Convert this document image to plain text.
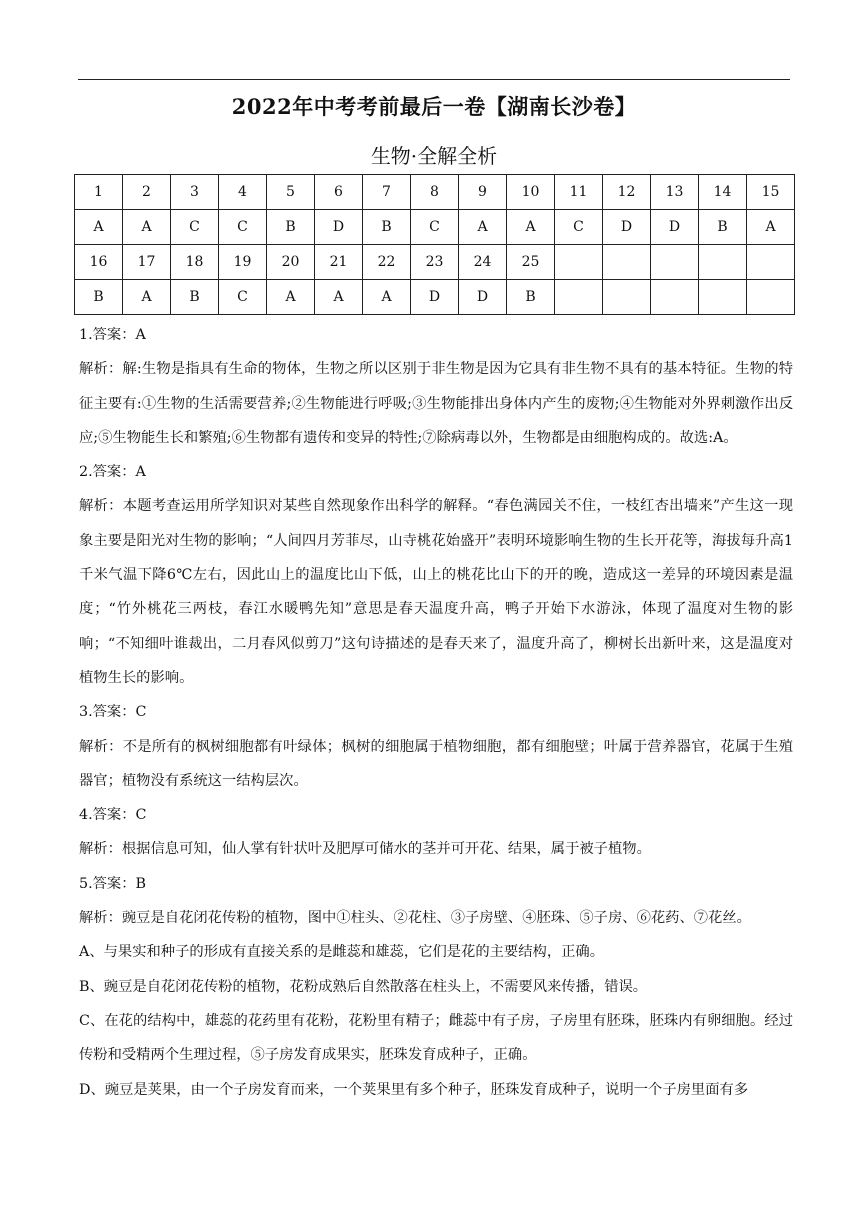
2022年中考考前最后一卷【湖南长沙卷】
生物·全解全析
1	2	3	4	5	6	7	8	9	10	11	12	13	14	15
A	A	C	C	B	D	B	C	A	A	C	D	D	B	A
16	17	18	19	20	21	22	23	24	25					
B	A	B	C	A	A	A	D	D	B					

1.答案：A

解析：解:生物是指具有生命的物体，生物之所以区别于非生物是因为它具有非生物不具有的基本特征。生物的特征主要有:①生物的生活需要营养;②生物能进行呼吸;③生物能排出身体内产生的废物;④生物能对外界刺激作出反应;⑤生物能生长和繁殖;⑥生物都有遗传和变异的特性;⑦除病毒以外，生物都是由细胞构成的。故选:A。

2.答案：A

解析：本题考查运用所学知识对某些自然现象作出科学的解释。“春色满园关不住，一枝红杏出墙来”产生这一现象主要是阳光对生物的影响；“人间四月芳菲尽，山寺桃花始盛开”表明环境影响生物的生长开花等，海拔每升高1千米气温下降6℃左右，因此山上的温度比山下低，山上的桃花比山下的开的晚，造成这一差异的环境因素是温度；“竹外桃花三两枝，春江水暖鸭先知”意思是春天温度升高，鸭子开始下水游泳，体现了温度对生物的影响；“不知细叶谁裁出，二月春风似剪刀”这句诗描述的是春天来了，温度升高了，柳树长出新叶来，这是温度对植物生长的影响。

3.答案：C

解析：不是所有的枫树细胞都有叶绿体；枫树的细胞属于植物细胞，都有细胞壁；叶属于营养器官，花属于生殖器官；植物没有系统这一结构层次。

4.答案：C

解析：根据信息可知，仙人掌有针状叶及肥厚可储水的茎并可开花、结果，属于被子植物。

5.答案：B

解析：豌豆是自花闭花传粉的植物，图中①柱头、②花柱、③子房壁、④胚珠、⑤子房、⑥花药、⑦花丝。

A、与果实和种子的形成有直接关系的是雌蕊和雄蕊，它们是花的主要结构，正确。

B、豌豆是自花闭花传粉的植物，花粉成熟后自然散落在柱头上，不需要风来传播，错误。

C、在花的结构中，雄蕊的花药里有花粉，花粉里有精子；雌蕊中有子房，子房里有胚珠，胚珠内有卵细胞。经过传粉和受精两个生理过程，⑤子房发育成果实，胚珠发育成种子，正确。

D、豌豆是荚果，由一个子房发育而来，一个荚果里有多个种子，胚珠发育成种子，说明一个子房里面有多
